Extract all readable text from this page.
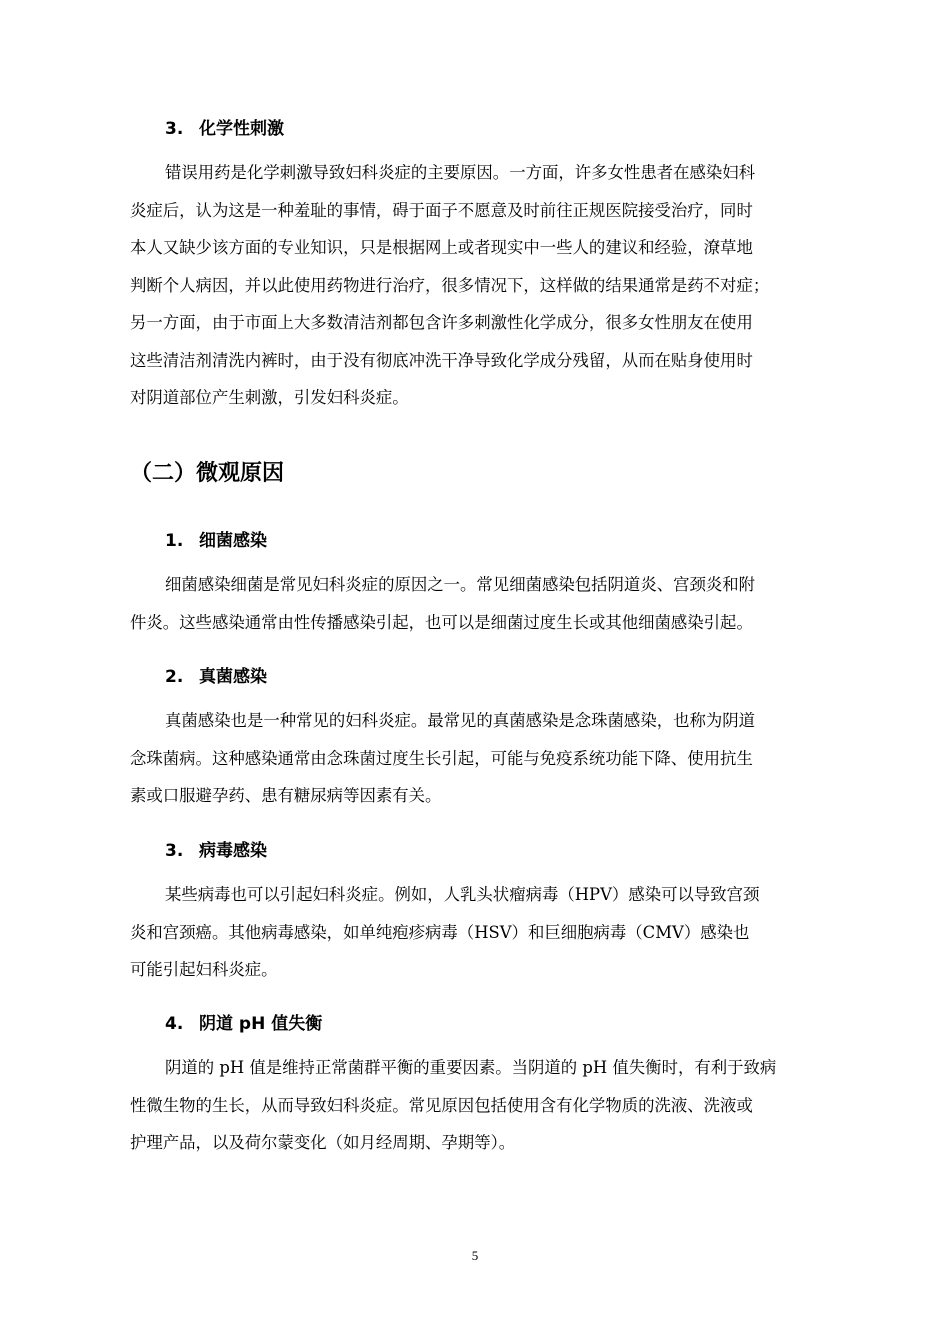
3. 化学性刺激
错误用药是化学刺激导致妇科炎症的主要原因。一方面，许多女性患者在感染妇科
炎症后，认为这是一种羞耻的事情，碍于面子不愿意及时前往正规医院接受治疗，同时
本人又缺少该方面的专业知识，只是根据网上或者现实中一些人的建议和经验，潦草地
判断个人病因，并以此使用药物进行治疗，很多情况下，这样做的结果通常是药不对症；
另一方面，由于市面上大多数清洁剂都包含许多刺激性化学成分，很多女性朋友在使用
这些清洁剂清洗内裤时，由于没有彻底冲洗干净导致化学成分残留，从而在贴身使用时
对阴道部位产生刺激，引发妇科炎症。
（二）微观原因
1. 细菌感染
细菌感染细菌是常见妇科炎症的原因之一。常见细菌感染包括阴道炎、宫颈炎和附
件炎。这些感染通常由性传播感染引起，也可以是细菌过度生长或其他细菌感染引起。
2. 真菌感染
真菌感染也是一种常见的妇科炎症。最常见的真菌感染是念珠菌感染，也称为阴道
念珠菌病。这种感染通常由念珠菌过度生长引起，可能与免疫系统功能下降、使用抗生
素或口服避孕药、患有糖尿病等因素有关。
3. 病毒感染
某些病毒也可以引起妇科炎症。例如，人乳头状瘤病毒（HPV）感染可以导致宫颈
炎和宫颈癌。其他病毒感染，如单纯疱疹病毒（HSV）和巨细胞病毒（CMV）感染也
可能引起妇科炎症。
4. 阴道 pH 值失衡
阴道的 pH 值是维持正常菌群平衡的重要因素。当阴道的 pH 值失衡时，有利于致病
性微生物的生长，从而导致妇科炎症。常见原因包括使用含有化学物质的洗液、洗液或
护理产品，以及荷尔蒙变化（如月经周期、孕期等）。
5
